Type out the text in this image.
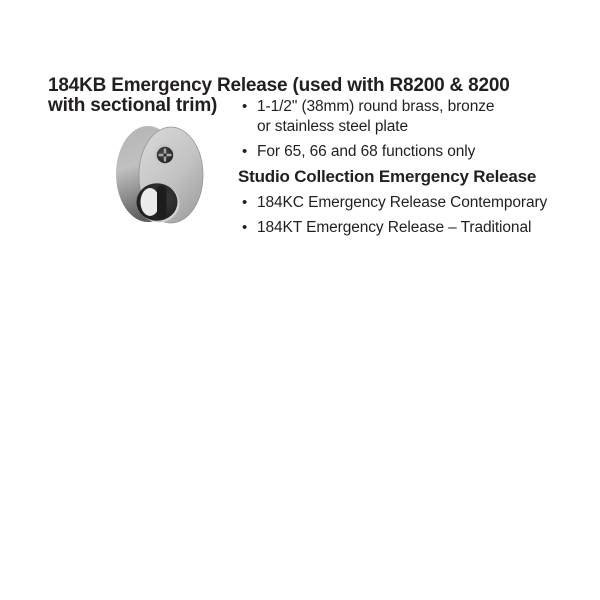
184KB Emergency Release (used with R8200 & 8200
with sectional trim)	• 1-1/2" (38mm) round brass, bronze
or stainless steel plate
• For 65, 66 and 68 functions only
Studio Collection Emergency Release
• 184KC Emergency Release Contemporary
• 184KT Emergency Release – Traditional
